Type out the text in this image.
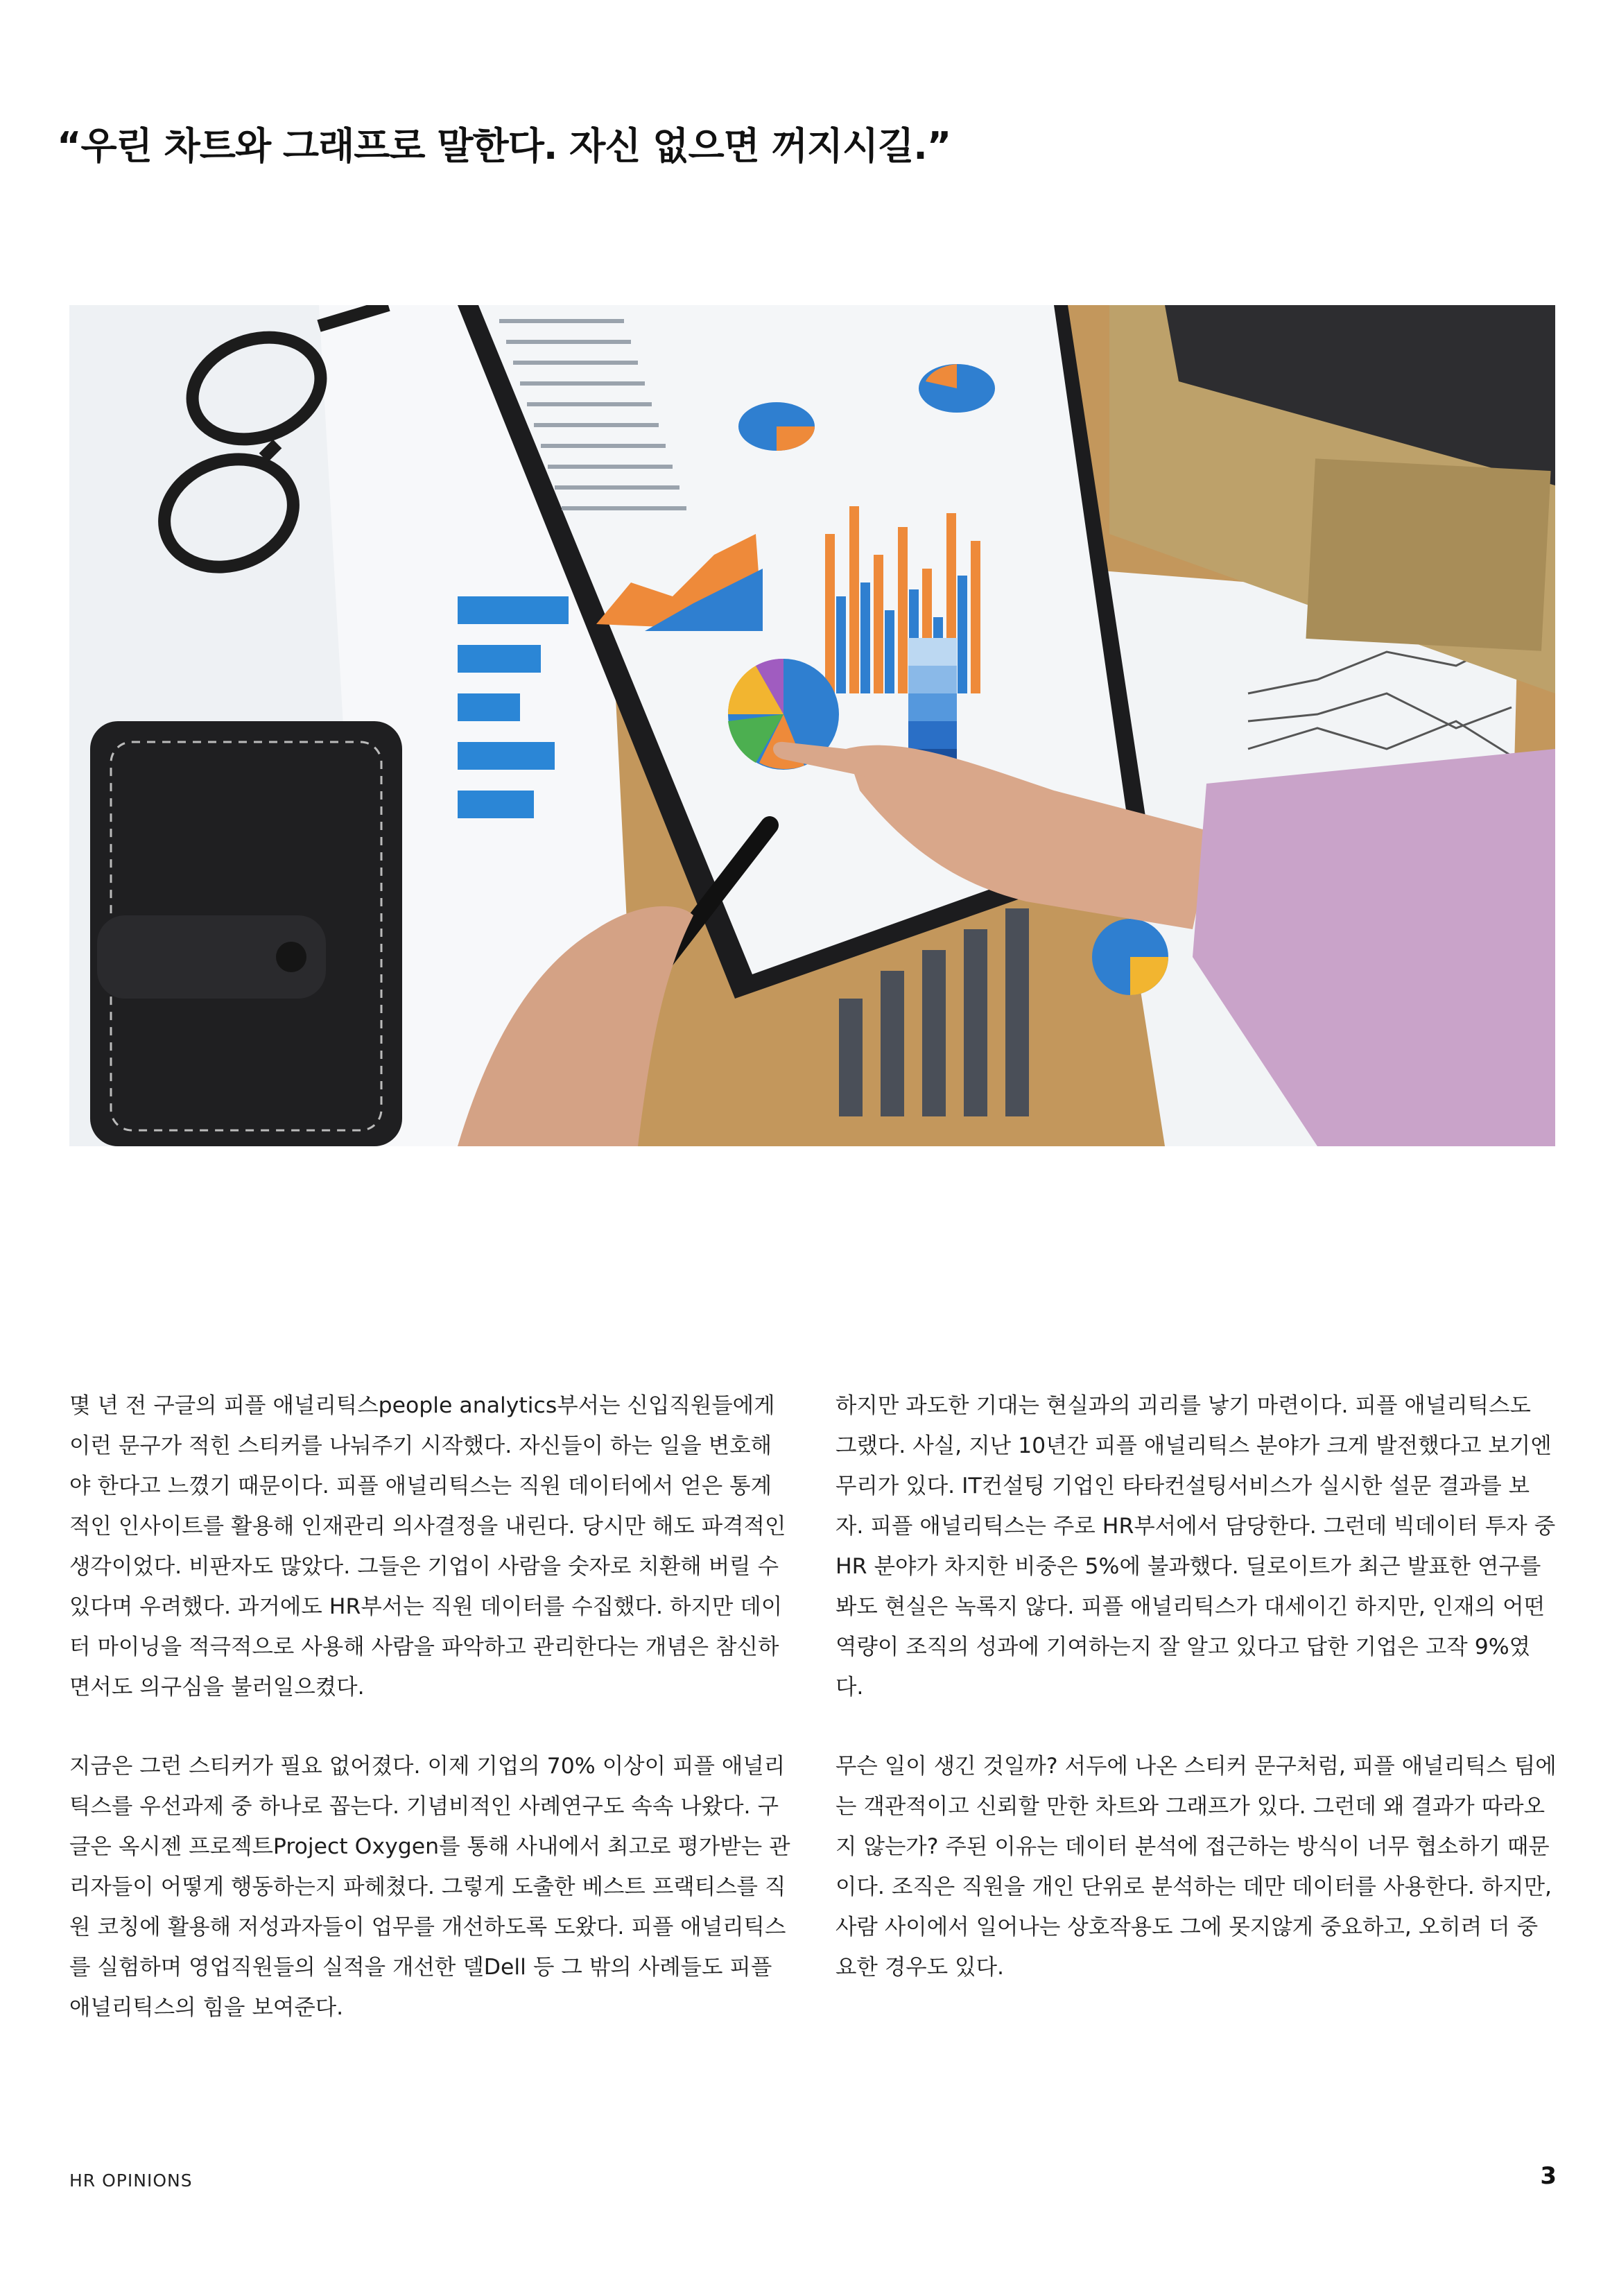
“우린 차트와 그래프로 말한다. 자신 없으면 꺼지시길.”

몇 년 전 구글의 피플 애널리틱스people analytics부서는 신입직원들에게 이런 문구가 적힌 스티커를 나눠주기 시작했다. 자신들이 하는 일을 변호해야 한다고 느꼈기 때문이다. 피플 애널리틱스는 직원 데이터에서 얻은 통계적인 인사이트를 활용해 인재관리 의사결정을 내린다. 당시만 해도 파격적인 생각이었다. 비판자도 많았다. 그들은 기업이 사람을 숫자로 치환해 버릴 수 있다며 우려했다. 과거에도 HR부서는 직원 데이터를 수집했다. 하지만 데이터 마이닝을 적극적으로 사용해 사람을 파악하고 관리한다는 개념은 참신하면서도 의구심을 불러일으켰다.

지금은 그런 스티커가 필요 없어졌다. 이제 기업의 70% 이상이 피플 애널리틱스를 우선과제 중 하나로 꼽는다. 기념비적인 사례연구도 속속 나왔다. 구글은 옥시젠 프로젝트Project Oxygen를 통해 사내에서 최고로 평가받는 관리자들이 어떻게 행동하는지 파헤쳤다. 그렇게 도출한 베스트 프랙티스를 직원 코칭에 활용해 저성과자들이 업무를 개선하도록 도왔다. 피플 애널리틱스를 실험하며 영업직원들의 실적을 개선한 델Dell 등 그 밖의 사례들도 피플 애널리틱스의 힘을 보여준다.

하지만 과도한 기대는 현실과의 괴리를 낳기 마련이다. 피플 애널리틱스도 그랬다. 사실, 지난 10년간 피플 애널리틱스 분야가 크게 발전했다고 보기엔 무리가 있다. IT컨설팅 기업인 타타컨설팅서비스가 실시한 설문 결과를 보자. 피플 애널리틱스는 주로 HR부서에서 담당한다. 그런데 빅데이터 투자 중 HR 분야가 차지한 비중은 5%에 불과했다. 딜로이트가 최근 발표한 연구를 봐도 현실은 녹록지 않다. 피플 애널리틱스가 대세이긴 하지만, 인재의 어떤 역량이 조직의 성과에 기여하는지 잘 알고 있다고 답한 기업은 고작 9%였다.

무슨 일이 생긴 것일까? 서두에 나온 스티커 문구처럼, 피플 애널리틱스 팀에는 객관적이고 신뢰할 만한 차트와 그래프가 있다. 그런데 왜 결과가 따라오지 않는가? 주된 이유는 데이터 분석에 접근하는 방식이 너무 협소하기 때문이다. 조직은 직원을 개인 단위로 분석하는 데만 데이터를 사용한다. 하지만, 사람 사이에서 일어나는 상호작용도 그에 못지않게 중요하고, 오히려 더 중요한 경우도 있다.

HR OPINIONS	3
